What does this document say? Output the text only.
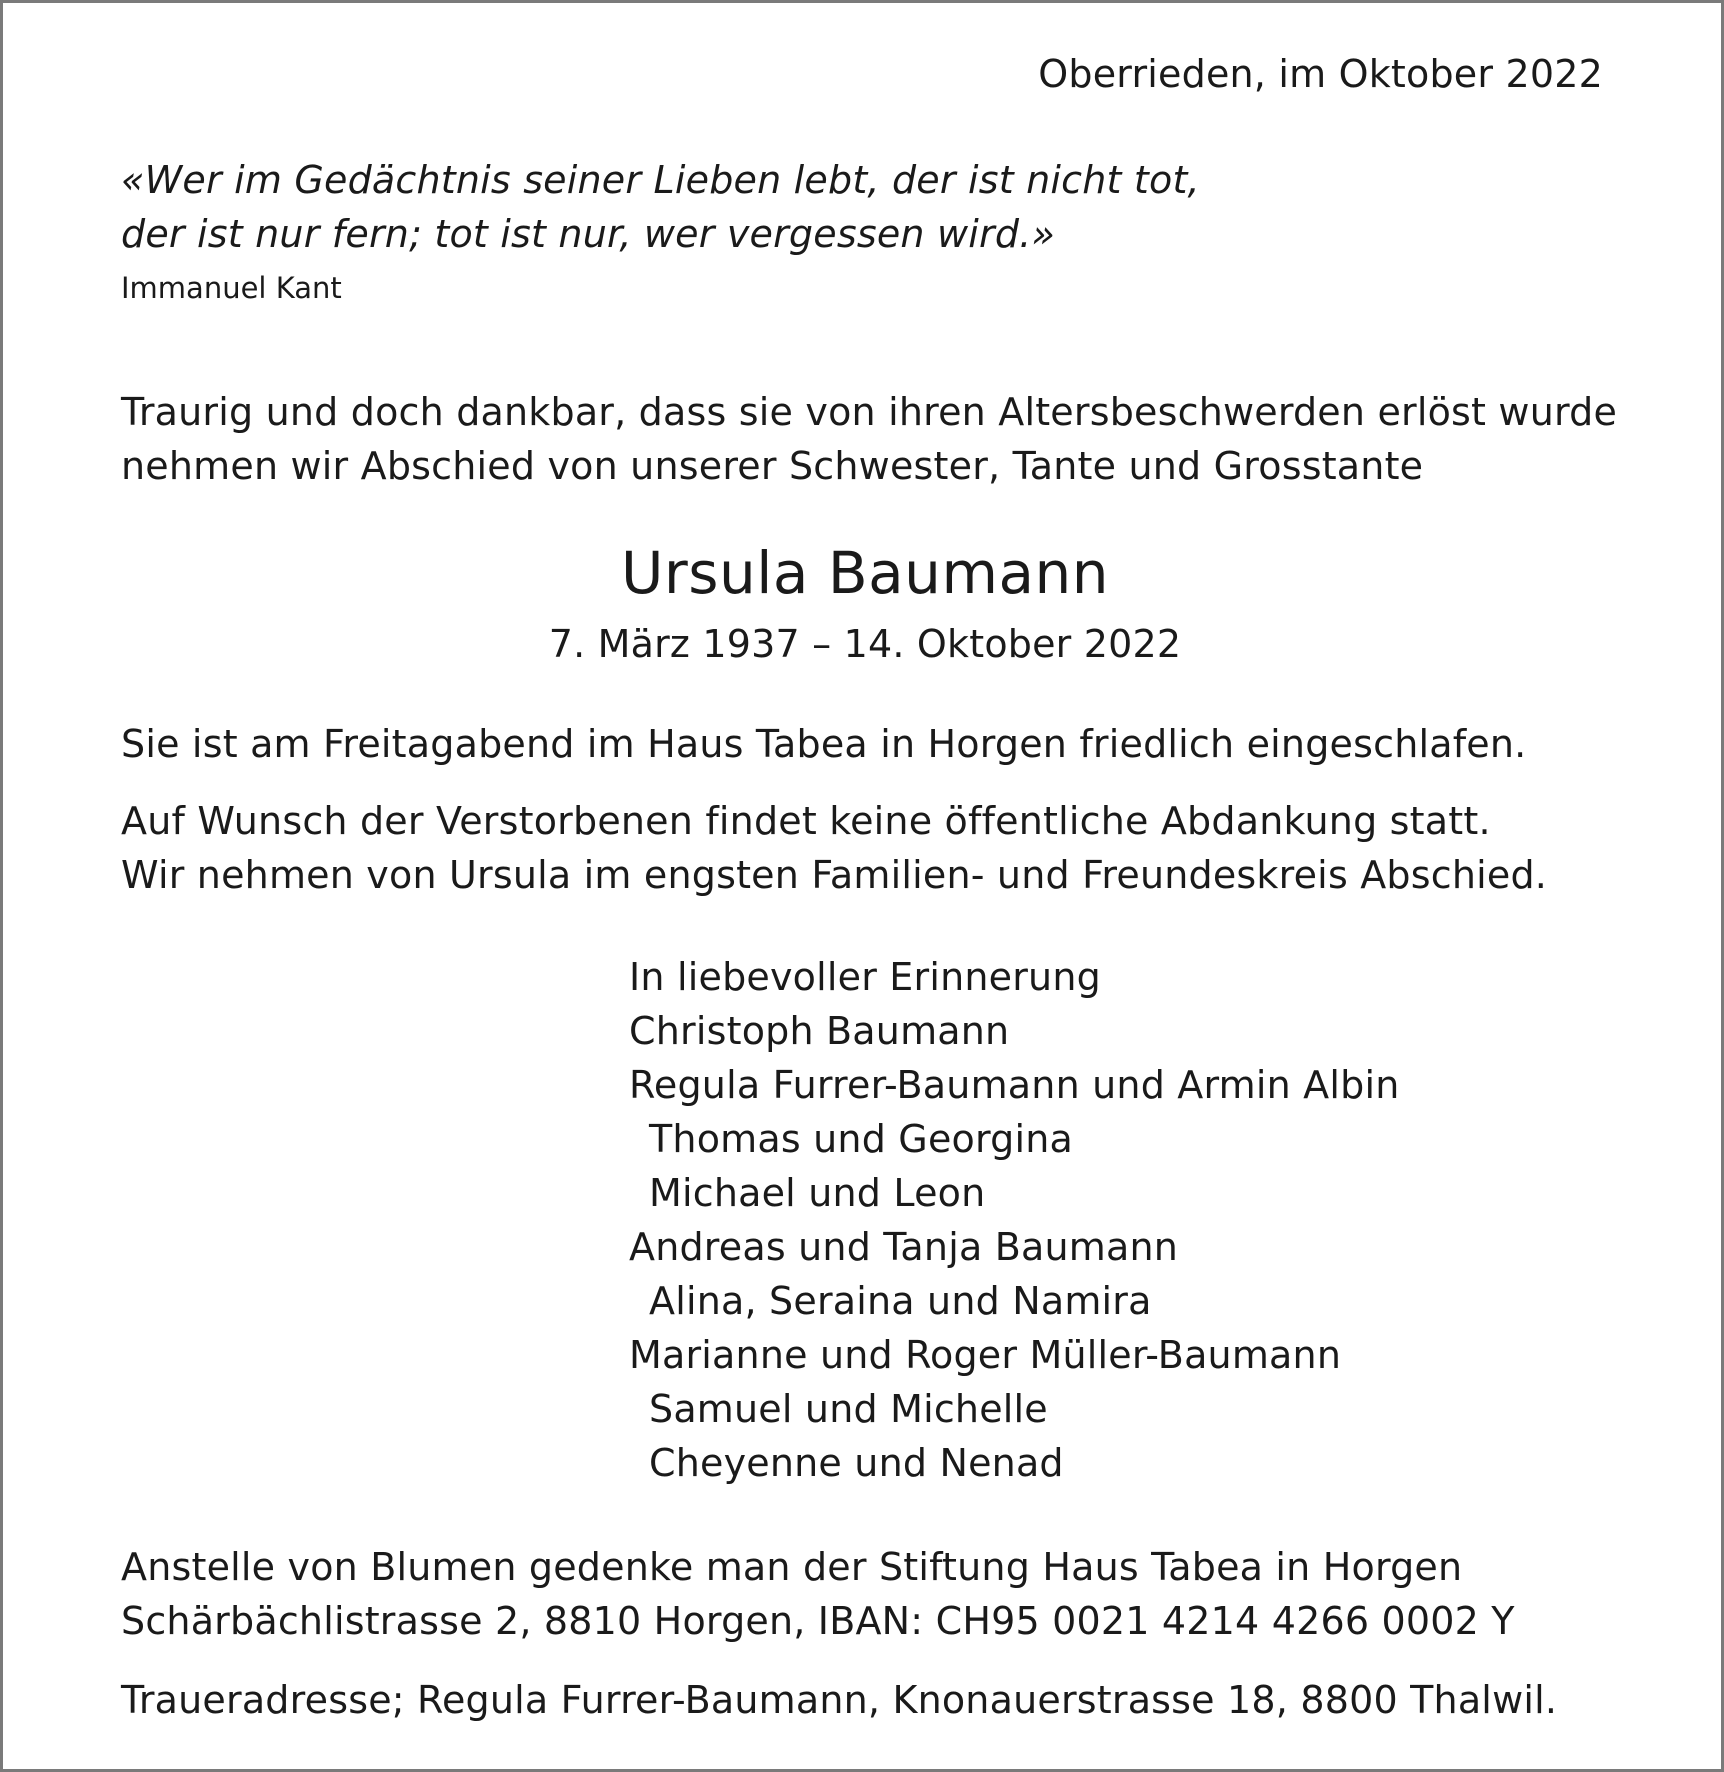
Oberrieden, im Oktober 2022

«Wer im Gedächtnis seiner Lieben lebt, der ist nicht tot,
der ist nur fern; tot ist nur, wer vergessen wird.»

Immanuel Kant

Traurig und doch dankbar, dass sie von ihren Altersbeschwerden erlöst wurde
nehmen wir Abschied von unserer Schwester, Tante und Grosstante

Ursula Baumann

7. März 1937 – 14. Oktober 2022

Sie ist am Freitagabend im Haus Tabea in Horgen friedlich eingeschlafen.

Auf Wunsch der Verstorbenen findet keine öffentliche Abdankung statt.
Wir nehmen von Ursula im engsten Familien- und Freundeskreis Abschied.
In liebevoller Erinnerung
Christoph Baumann
Regula Furrer-Baumann und Armin Albin
Thomas und Georgina
Michael und Leon
Andreas und Tanja Baumann
Alina, Seraina und Namira
Marianne und Roger Müller-Baumann
Samuel und Michelle
Cheyenne und Nenad
Anstelle von Blumen gedenke man der Stiftung Haus Tabea in Horgen
Schärbächlistrasse 2, 8810 Horgen, IBAN: CH95 0021 4214 4266 0002 Y

Traueradresse; Regula Furrer-Baumann, Knonauerstrasse 18, 8800 Thalwil.
